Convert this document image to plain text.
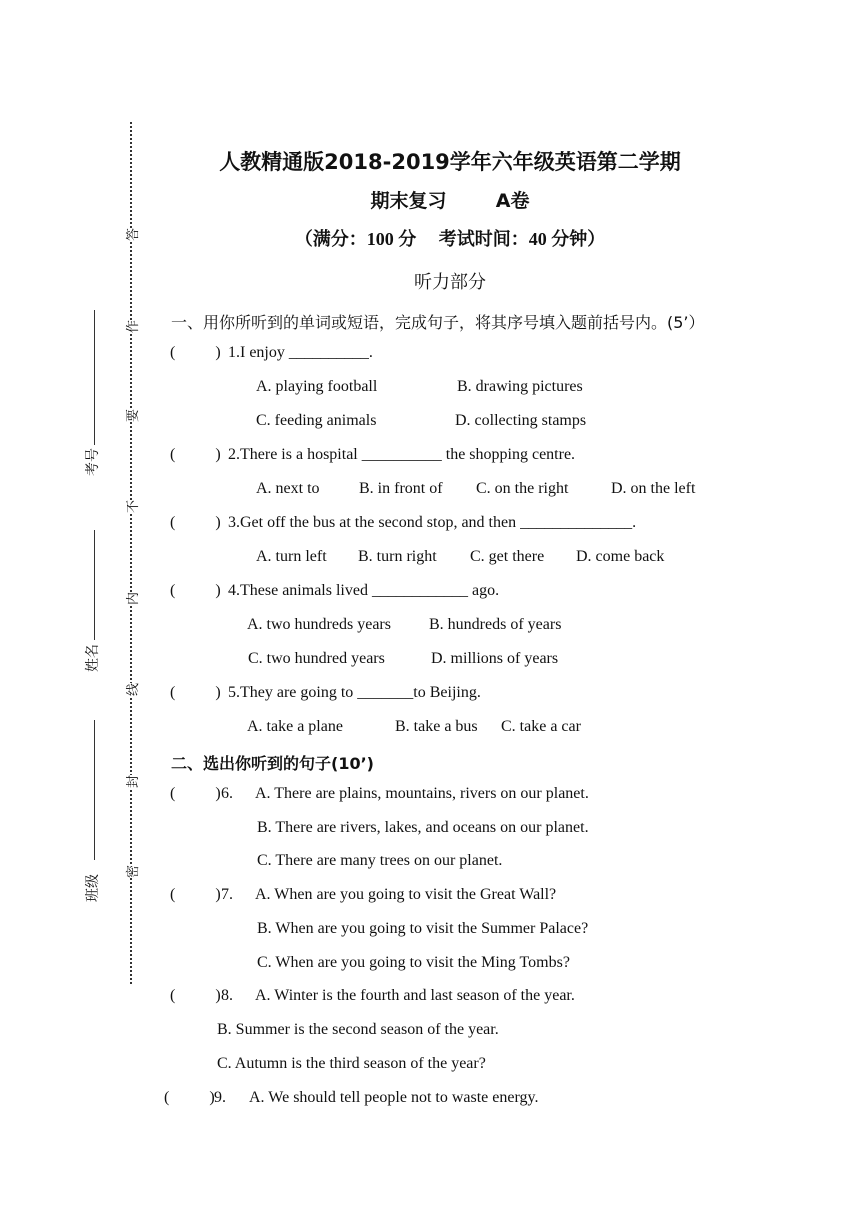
答
作
要
不
内
线
封
密
考号
姓名
班级
人教精通版2018-2019学年六年级英语第二学期
期末复习	A卷
（满分：100 分     考试时间：40 分钟）
听力部分
一、用你所听到的单词或短语，完成句子，将其序号填入题前括号内。(5’）
(          ) 1.I enjoy __________.
A. playing football	B. drawing pictures
C. feeding animals	D. collecting stamps
(          ) 2.There is a hospital __________ the shopping centre.
A. next to B. in front of C. on the right	D. on the left
(          ) 3.Get off the bus at the second stop, and then ______________.
A. turn left B. turn right C. get there D. come back
(          ) 4.These animals lived ____________ ago.
A. two hundreds years B. hundreds of years
C. two hundred years	D. millions of years
(          ) 5.They are going to _______to Beijing.
A. take a plane	B. take a bus C. take a car
二、选出你听到的句子(10’)
(          ) 6. A. There are plains, mountains, rivers on our planet.
B. There are rivers, lakes, and oceans on our planet.
C. There are many trees on our planet.
(          ) 7. A. When are you going to visit the Great Wall?
B. When are you going to visit the Summer Palace?
C. When are you going to visit the Ming Tombs?
(          ) 8. A. Winter is the fourth and last season of the year.
B. Summer is the second season of the year.
C. Autumn is the third season of the year?
(          ) 9. A. We should tell people not to waste energy.
